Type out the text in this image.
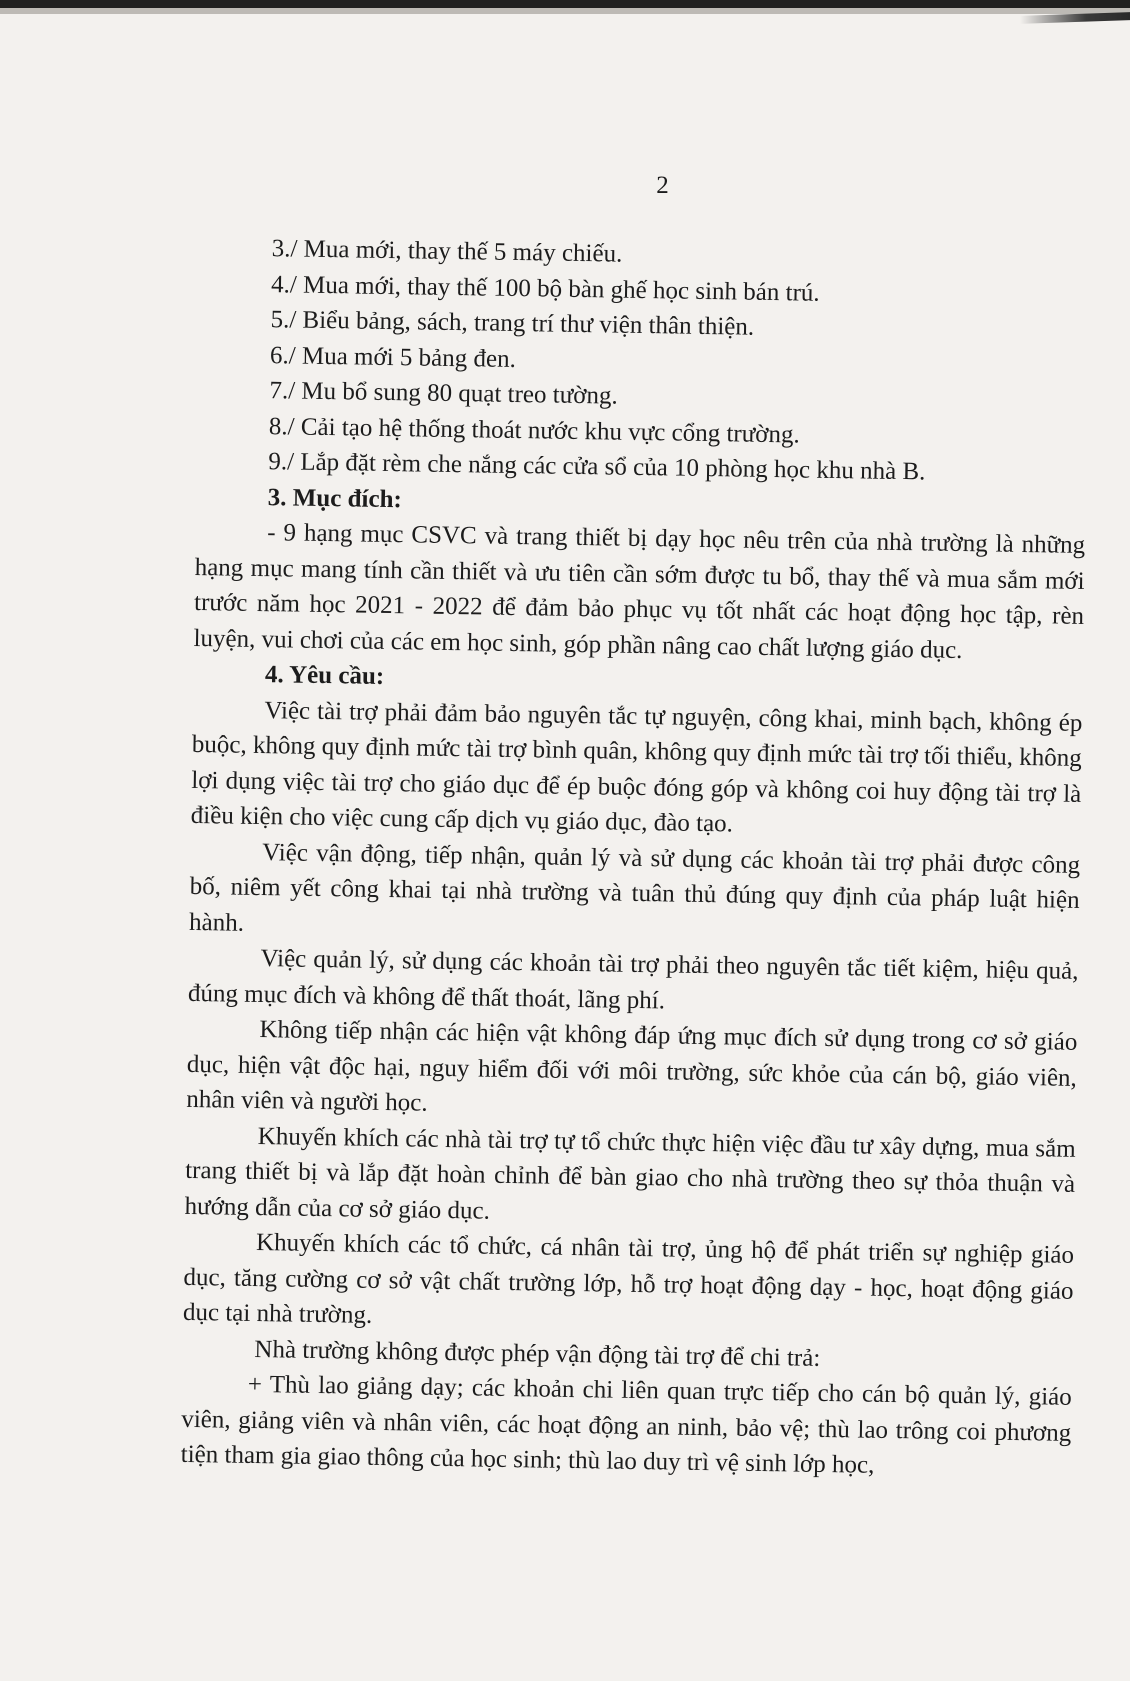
2
3./ Mua mới, thay thế 5 máy chiếu.
4./ Mua mới, thay thế 100 bộ bàn ghế học sinh bán trú.
5./ Biểu bảng, sách, trang trí thư viện thân thiện.
6./ Mua mới 5 bảng đen.
7./ Mu bổ sung 80 quạt treo tường.
8./ Cải tạo hệ thống thoát nước khu vực cổng trường.
9./ Lắp đặt rèm che nắng các cửa sổ của 10 phòng học khu nhà B.
3. Mục đích:

- 9 hạng mục CSVC và trang thiết bị dạy học nêu trên của nhà trường là những hạng mục mang tính cần thiết và ưu tiên cần sớm được tu bổ, thay thế và mua sắm mới trước năm học 2021 - 2022 để đảm bảo phục vụ tốt nhất các hoạt động học tập, rèn luyện, vui chơi của các em học sinh, góp phần nâng cao chất lượng giáo dục.

4. Yêu cầu:

Việc tài trợ phải đảm bảo nguyên tắc tự nguyện, công khai, minh bạch, không ép buộc, không quy định mức tài trợ bình quân, không quy định mức tài trợ tối thiểu, không lợi dụng việc tài trợ cho giáo dục để ép buộc đóng góp và không coi huy động tài trợ là điều kiện cho việc cung cấp dịch vụ giáo dục, đào tạo.

Việc vận động, tiếp nhận, quản lý và sử dụng các khoản tài trợ phải được công bố, niêm yết công khai tại nhà trường và tuân thủ đúng quy định của pháp luật hiện hành.

Việc quản lý, sử dụng các khoản tài trợ phải theo nguyên tắc tiết kiệm, hiệu quả, đúng mục đích và không để thất thoát, lãng phí.

Không tiếp nhận các hiện vật không đáp ứng mục đích sử dụng trong cơ sở giáo dục, hiện vật độc hại, nguy hiểm đối với môi trường, sức khỏe của cán bộ, giáo viên, nhân viên và người học.

Khuyến khích các nhà tài trợ tự tổ chức thực hiện việc đầu tư xây dựng, mua sắm trang thiết bị và lắp đặt hoàn chỉnh để bàn giao cho nhà trường theo sự thỏa thuận và hướng dẫn của cơ sở giáo dục.

Khuyến khích các tổ chức, cá nhân tài trợ, ủng hộ để phát triển sự nghiệp giáo dục, tăng cường cơ sở vật chất trường lớp, hỗ trợ hoạt động dạy - học, hoạt động giáo dục tại nhà trường.

Nhà trường không được phép vận động tài trợ để chi trả:

+ Thù lao giảng dạy; các khoản chi liên quan trực tiếp cho cán bộ quản lý, giáo viên, giảng viên và nhân viên, các hoạt động an ninh, bảo vệ; thù lao trông coi phương tiện tham gia giao thông của học sinh; thù lao duy trì vệ sinh lớp học,
